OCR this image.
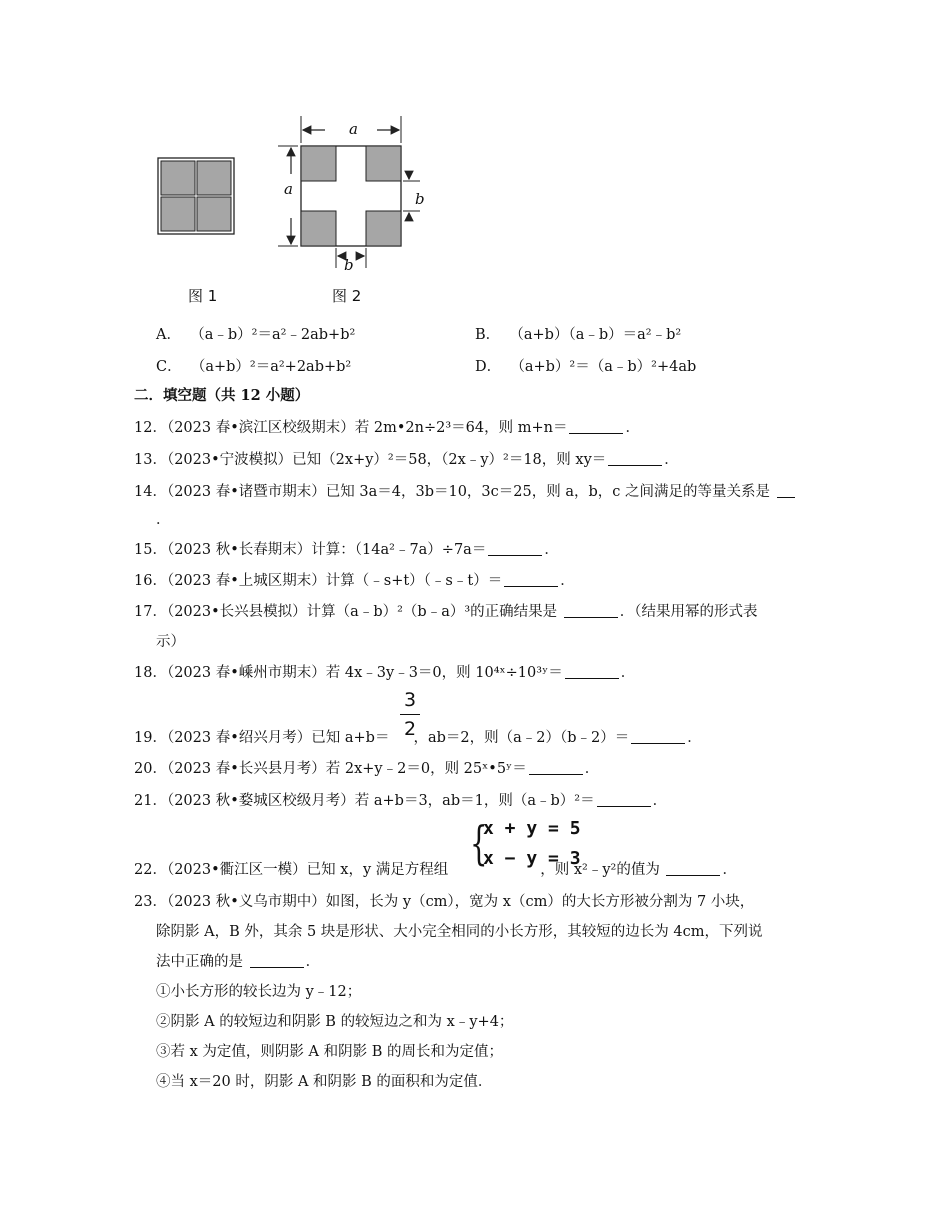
a
a
b
b
图 1	图 2
A． （a﹣b）²＝a²﹣2ab+b²	B． （a+b）（a﹣b）＝a²﹣b²
C． （a+b）²＝a²+2ab+b²	D． （a+b）²＝（a﹣b）²+4ab
二．填空题（共 12 小题）
12．（2023 春•滨江区校级期末）若 2m•2n÷2³＝64，则 m+n＝	．
13．（2023•宁波模拟）已知（2x+y）²＝58，（2x﹣y）²＝18，则 xy＝	．
14．（2023 春•诸暨市期末）已知 3a＝4，3b＝10，3c＝25，则 a，b，c 之间满足的等量关系是
．
15．（2023 秋•长春期末）计算：（14a²﹣7a）÷7a＝	．
16．（2023 春•上城区期末）计算（﹣s+t）（﹣s﹣t）＝	．
17．（2023•长兴县模拟）计算（a﹣b）²（b﹣a）³的正确结果是	．（结果用幂的形式表
示）
18．（2023 春•嵊州市期末）若 4x﹣3y﹣3＝0，则 10⁴ˣ÷10³ʸ＝	．
3
2
19．（2023 春•绍兴月考）已知 a+b＝ ，ab＝2，则（a﹣2）（b﹣2）＝	．
20．（2023 春•长兴县月考）若 2x+y﹣2＝0，则 25ˣ•5ʸ＝	．
21．（2023 秋•婺城区校级月考）若 a+b＝3，ab＝1，则（a﹣b）²＝	．
{
x + y = 5
x − y = 3
22．（2023•衢江区一模）已知 x，y 满足方程组	，则 x²﹣y²的值为	．
23．（2023 秋•义乌市期中）如图，长为 y（cm），宽为 x（cm）的大长方形被分割为 7 小块，
除阴影 A，B 外，其余 5 块是形状、大小完全相同的小长方形，其较短的边长为 4cm，下列说
法中正确的是	．
①小长方形的较长边为 y﹣12；
②阴影 A 的较短边和阴影 B 的较短边之和为 x﹣y+4；
③若 x 为定值，则阴影 A 和阴影 B 的周长和为定值；
④当 x＝20 时，阴影 A 和阴影 B 的面积和为定值．
